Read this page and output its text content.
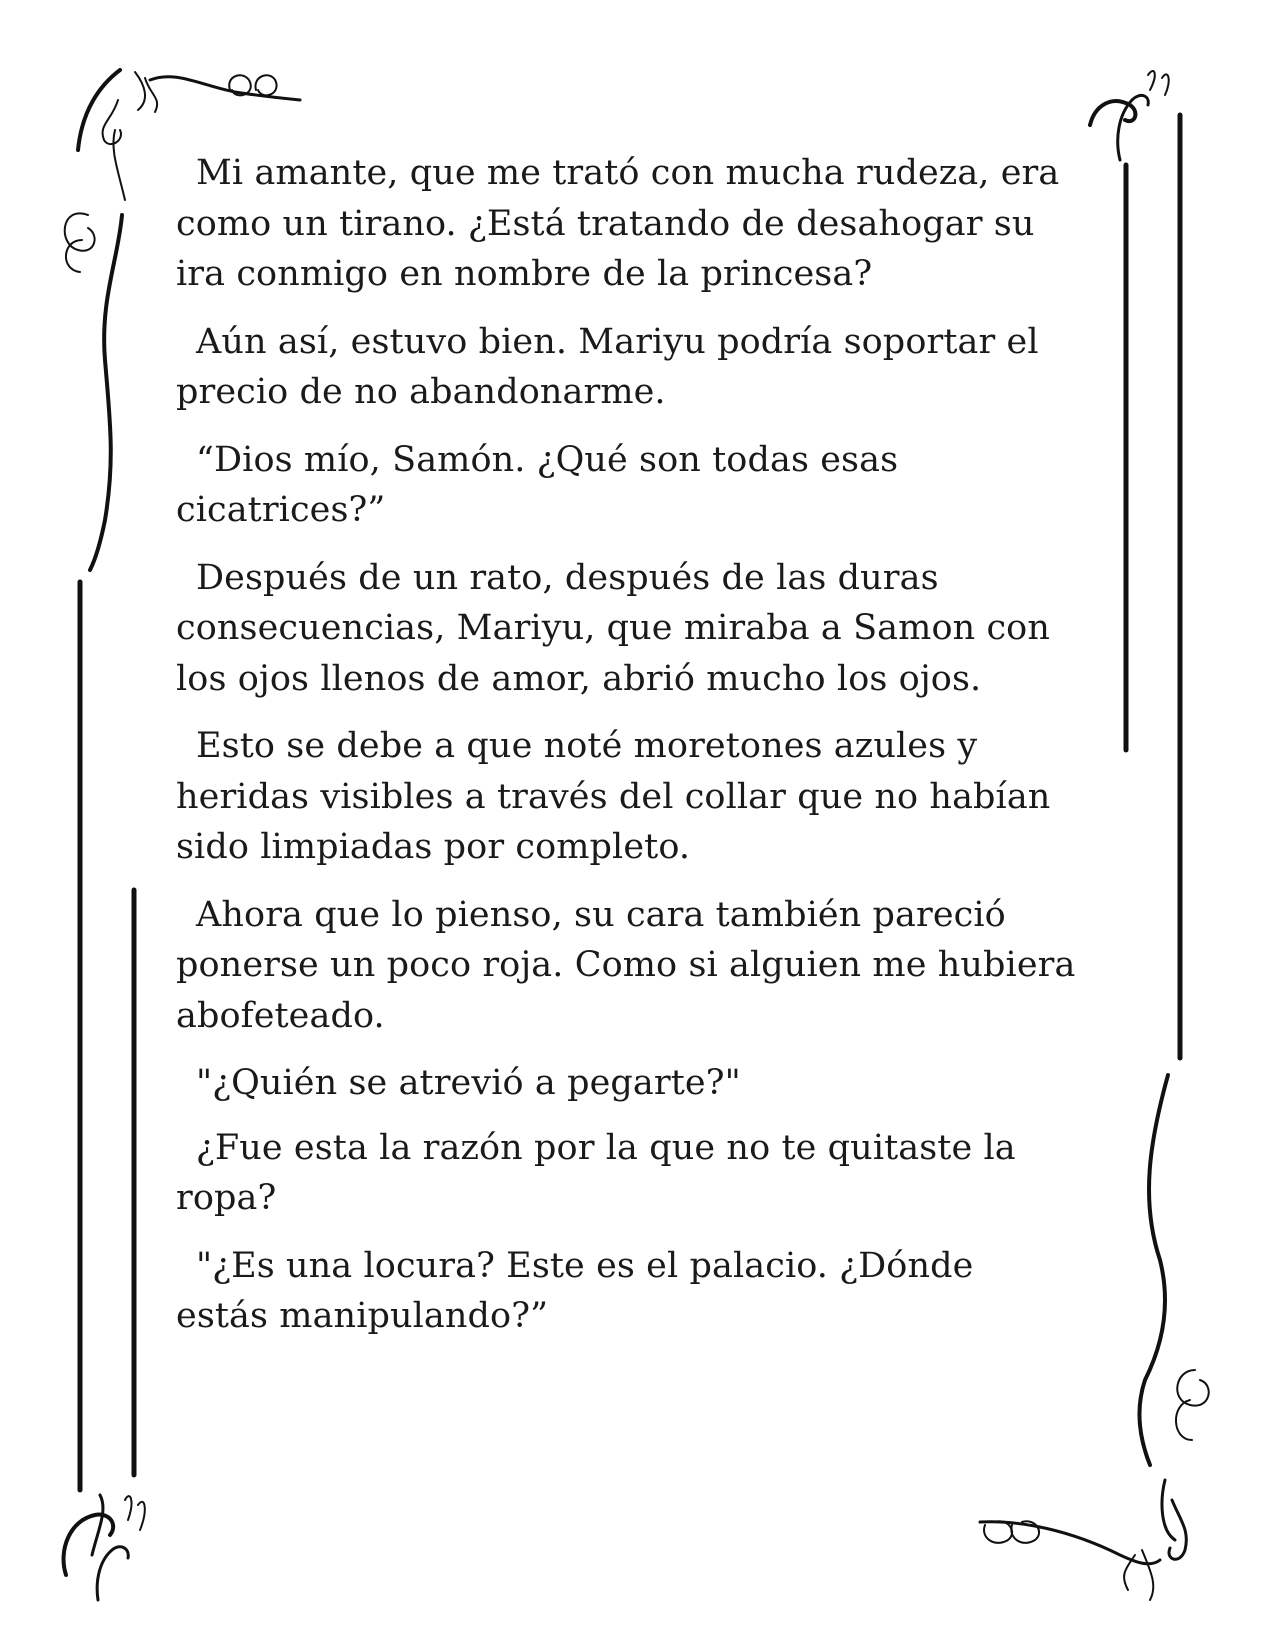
Mi amante, que me trató con mucha rudeza, era como un tirano. ¿Está tratando de desahogar su ira conmigo en nombre de la princesa?

Aún así, estuvo bien. Mariyu podría soportar el precio de no abandonarme.

“Dios mío, Samón. ¿Qué son todas esas cicatrices?”

Después de un rato, después de las duras consecuencias, Mariyu, que miraba a Samon con los ojos llenos de amor, abrió mucho los ojos.

Esto se debe a que noté moretones azules y heridas visibles a través del collar que no habían sido limpiadas por completo.

Ahora que lo pienso, su cara también pareció ponerse un poco roja. Como si alguien me hubiera abofeteado.

"¿Quién se atrevió a pegarte?"

¿Fue esta la razón por la que no te quitaste la ropa?

"¿Es una locura? Este es el palacio. ¿Dónde estás manipulando?”
